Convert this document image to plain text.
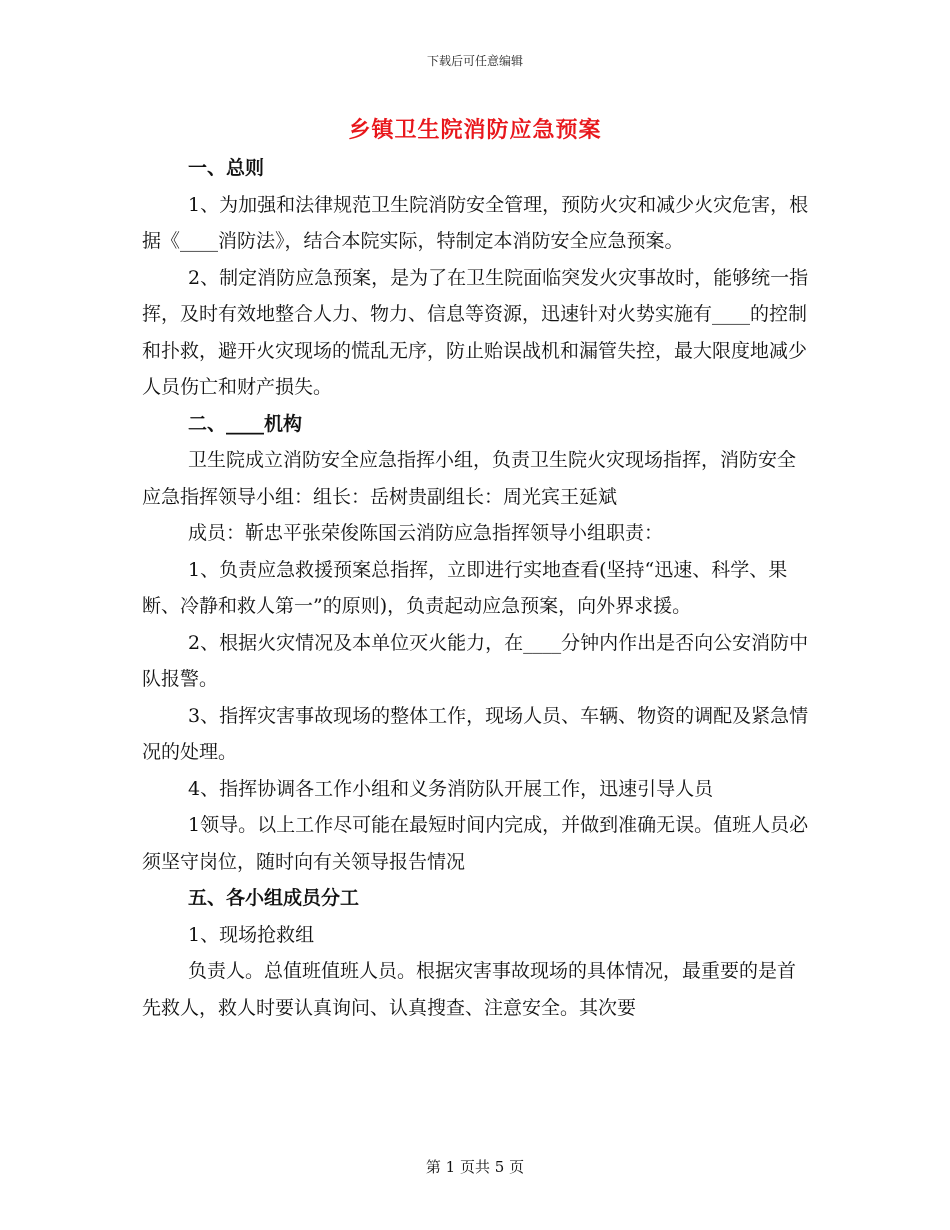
下载后可任意编辑
乡镇卫生院消防应急预案

一、总则

1、为加强和法律规范卫生院消防安全管理，预防火灾和减少火灾危害，根据《____消防法》，结合本院实际，特制定本消防安全应急预案。

2、制定消防应急预案，是为了在卫生院面临突发火灾事故时，能够统一指挥，及时有效地整合人力、物力、信息等资源，迅速针对火势实施有____的控制和扑救，避开火灾现场的慌乱无序，防止贻误战机和漏管失控，最大限度地减少人员伤亡和财产损失。

二、____机构

卫生院成立消防安全应急指挥小组，负责卫生院火灾现场指挥，消防安全应急指挥领导小组：组长：岳树贵副组长：周光宾王延斌

成员：靳忠平张荣俊陈国云消防应急指挥领导小组职责：

1、负责应急救援预案总指挥，立即进行实地查看(坚持“迅速、科学、果断、冷静和救人第一”的原则)，负责起动应急预案，向外界求援。

2、根据火灾情况及本单位灭火能力，在____分钟内作出是否向公安消防中队报警。

3、指挥灾害事故现场的整体工作，现场人员、车辆、物资的调配及紧急情况的处理。

4、指挥协调各工作小组和义务消防队开展工作，迅速引导人员

1领导。以上工作尽可能在最短时间内完成，并做到准确无误。值班人员必须坚守岗位，随时向有关领导报告情况

五、各小组成员分工

1、现场抢救组

负责人。总值班值班人员。根据灾害事故现场的具体情况，最重要的是首先救人，救人时要认真询问、认真搜查、注意安全。其次要

第 1 页共 5 页
